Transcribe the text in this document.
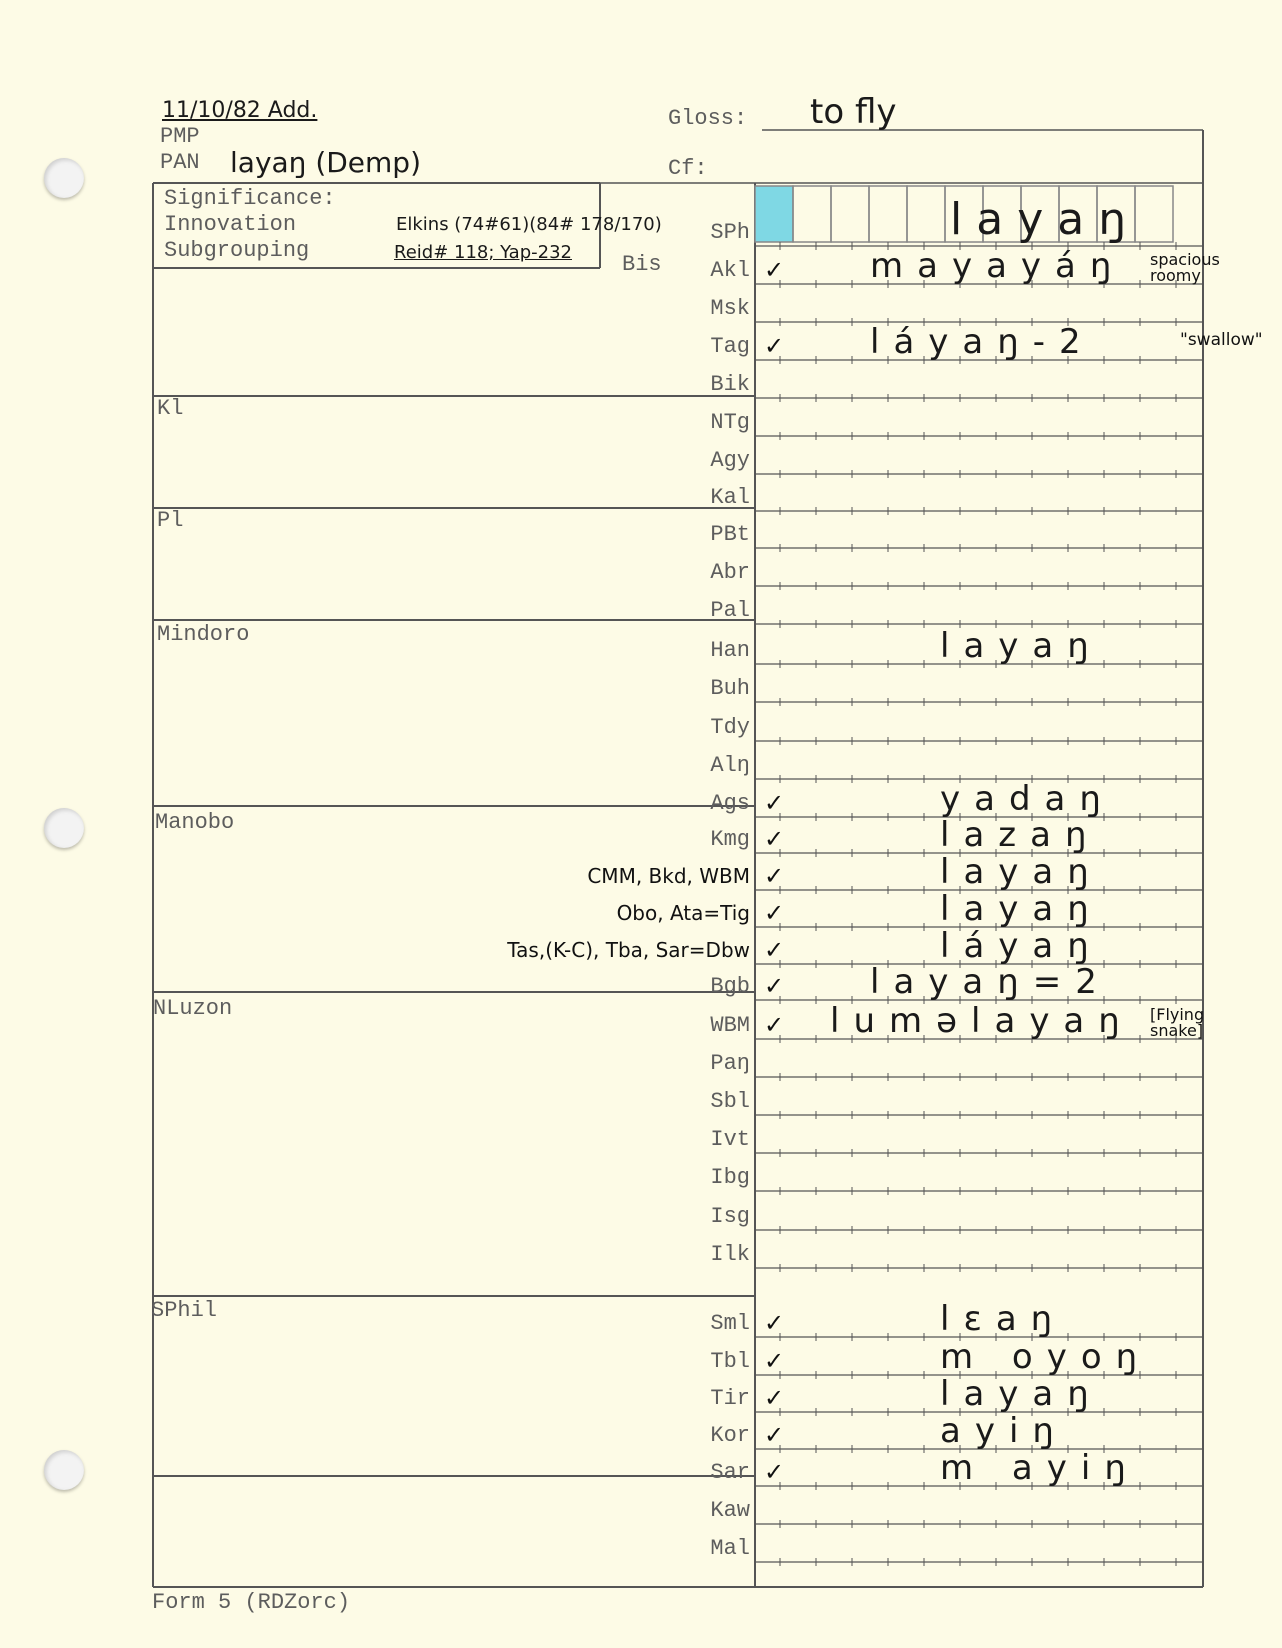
11/10/82 Add.
PMP
PAN layaŋ (Demp)
Gloss: to fly
Cf:
Significance:
Innovation	Elkins (74#61)(84# 178/170)
Subgrouping	Reid# 118; Yap-232 Bis
Kl
Pl
Mindoro
Manobo
NLuzon
SPhil
SPh	layaŋ
Akl ✓	mayayáŋ spacious roomy
Msk
Tag ✓	láyaŋ-2	"swallow"
Bik
NTg
Agy
Kal
PBt
Abr
Pal
Han	layaŋ
Buh
Tdy
Alŋ
Ags ✓	yadaŋ
Kmg ✓	lazaŋ
CMM, Bkd, WBM ✓	layaŋ
Obo, Ata=Tig ✓	layaŋ
Tas,(K-C), Tba, Sar=Dbw ✓	láyaŋ
Bgb ✓	layaŋ=2
WBM ✓ lumәlayaŋ [Flying snake]
Paŋ
Sbl
Ivt
Ibg
Isg
Ilk
Sml ✓	lεaŋ
Tbl ✓	m oyoŋ
Tir ✓	layaŋ
Kor ✓	ayiŋ
Sar ✓	m ayiŋ
Kaw
Mal
Form 5 (RDZorc)
